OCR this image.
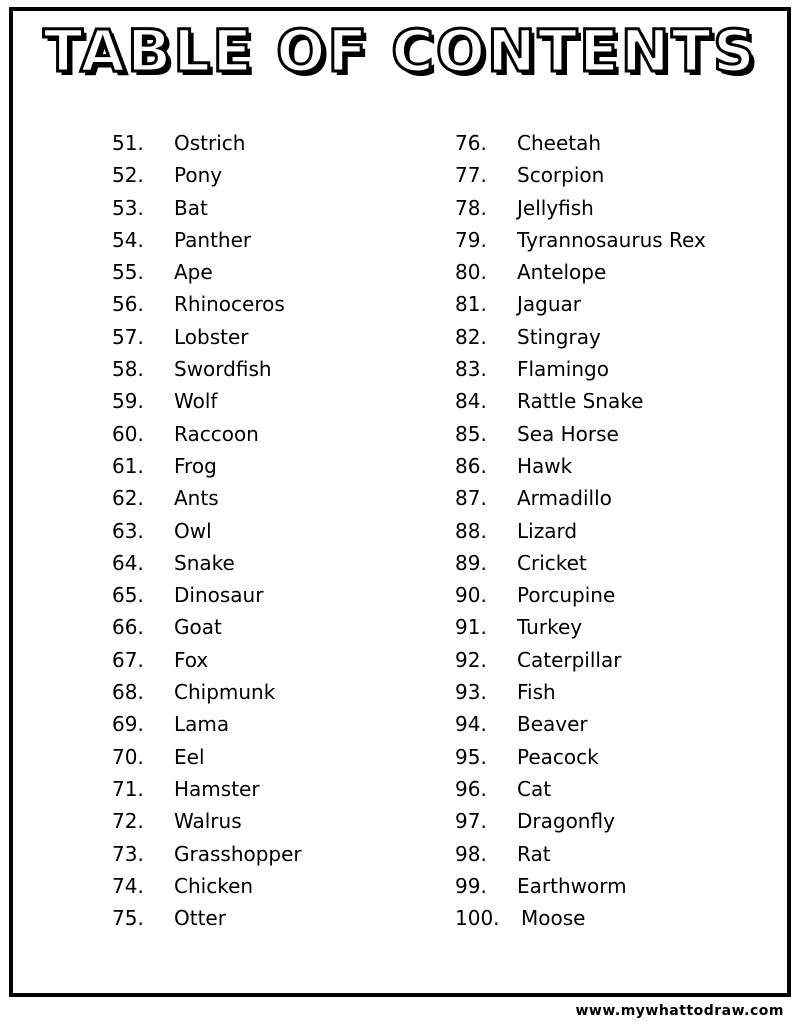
TABLE OF CONTENTS
51. Ostrich
52. Pony
53. Bat
54. Panther
55. Ape
56. Rhinoceros
57. Lobster
58. Swordfish
59. Wolf
60. Raccoon
61. Frog
62. Ants
63. Owl
64. Snake
65. Dinosaur
66. Goat
67. Fox
68. Chipmunk
69. Lama
70. Eel
71. Hamster
72. Walrus
73. Grasshopper
74. Chicken
75. Otter
76. Cheetah
77. Scorpion
78. Jellyfish
79. Tyrannosaurus Rex
80. Antelope
81. Jaguar
82. Stingray
83. Flamingo
84. Rattle Snake
85. Sea Horse
86. Hawk
87. Armadillo
88. Lizard
89. Cricket
90. Porcupine
91. Turkey
92. Caterpillar
93. Fish
94. Beaver
95. Peacock
96. Cat
97. Dragonfly
98. Rat
99. Earthworm
100. Moose
www.mywhattodraw.com
